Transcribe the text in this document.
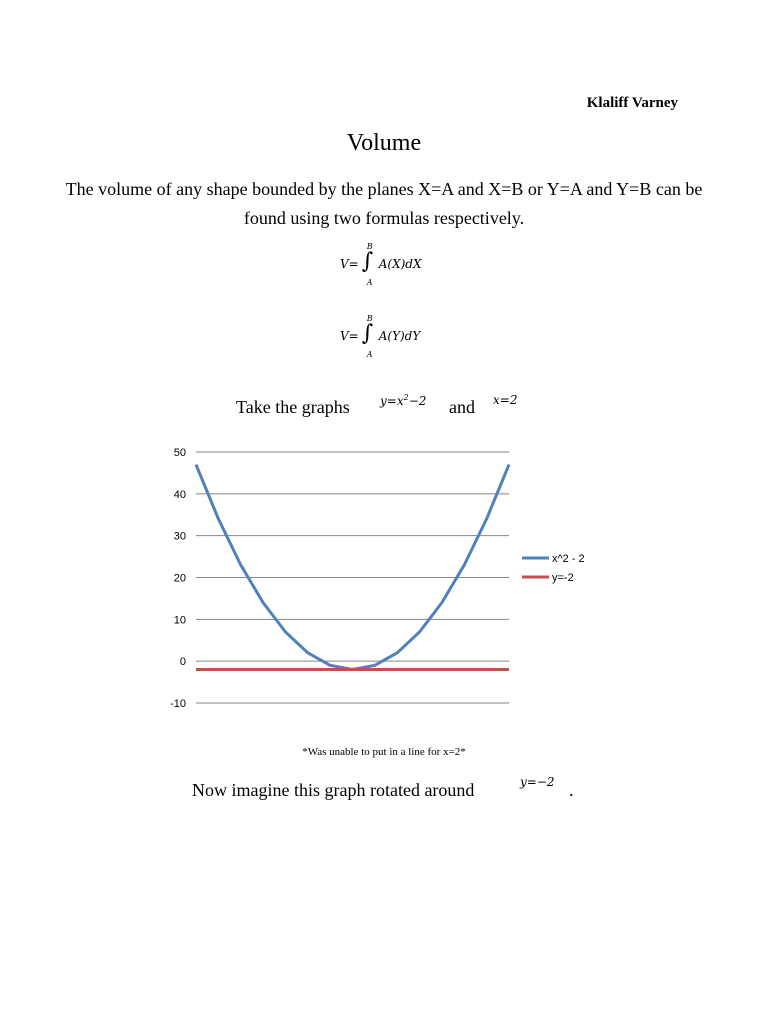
Klaliff Varney
Volume
The volume of any shape bounded by the planes X=A and X=B or Y=A and Y=B can be found using two formulas respectively.
V= ∫
B
A
A(X)dX
V= ∫
B
A
A(Y)dY
Take the graphs	$y=x^2-2$ and x=2
50
40
30
20
10
0
-10
x^2 - 2
y=-2
*Was unable to put in a line for x=2*
Now imagine this graph rotated around	y=−2 .
